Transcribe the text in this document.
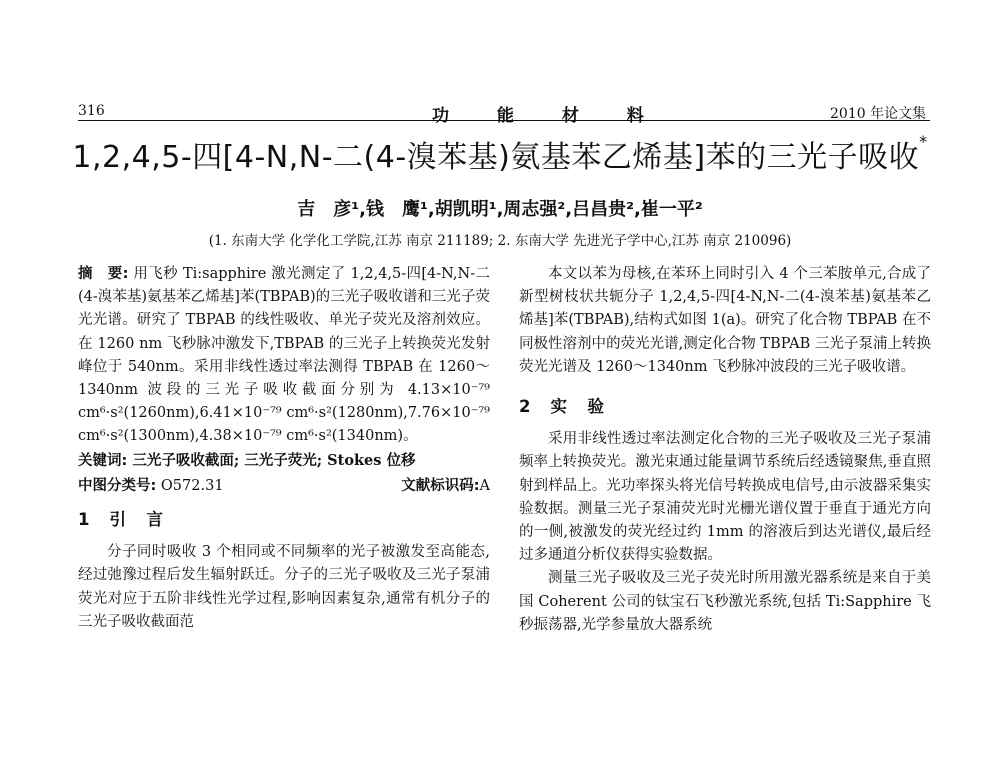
316	功	能	材	料	2010 年论文集
1,2,4,5-四[4-N,N-二(4-溴苯基)氨基苯乙烯基]苯的三光子吸收*
吉　彦¹,钱　鹰¹,胡凯明¹,周志强²,吕昌贵²,崔一平²
(1. 东南大学 化学化工学院,江苏 南京 211189; 2. 东南大学 先进光子学中心,江苏 南京 210096)

摘　要: 用飞秒 Ti:sapphire 激光测定了 1,2,4,5-四[4-N,N-二(4-溴苯基)氨基苯乙烯基]苯(TBPAB)的三光子吸收谱和三光子荧光光谱。研究了 TBPAB 的线性吸收、单光子荧光及溶剂效应。在 1260 nm 飞秒脉冲激发下,TBPAB 的三光子上转换荧光发射峰位于 540nm。采用非线性透过率法测得 TBPAB 在 1260～1340nm 波段的三光子吸收截面分别为 4.13×10⁻⁷⁹ cm⁶·s²(1260nm),6.41×10⁻⁷⁹ cm⁶·s²(1280nm),7.76×10⁻⁷⁹ cm⁶·s²(1300nm),4.38×10⁻⁷⁹ cm⁶·s²(1340nm)。

关键词: 三光子吸收截面; 三光子荧光; Stokes 位移

中图分类号: O572.31	文献标识码:A
1 引　言

分子同时吸收 3 个相同或不同频率的光子被激发至高能态,经过弛豫过程后发生辐射跃迁。分子的三光子吸收及三光子泵浦荧光对应于五阶非线性光学过程,影响因素复杂,通常有机分子的三光子吸收截面范

本文以苯为母核,在苯环上同时引入 4 个三苯胺单元,合成了新型树枝状共轭分子 1,2,4,5-四[4-N,N-二(4-溴苯基)氨基苯乙烯基]苯(TBPAB),结构式如图 1(a)。研究了化合物 TBPAB 在不同极性溶剂中的荧光光谱,测定化合物 TBPAB 三光子泵浦上转换荧光光谱及 1260～1340nm 飞秒脉冲波段的三光子吸收谱。

2 实　验

采用非线性透过率法测定化合物的三光子吸收及三光子泵浦频率上转换荧光。激光束通过能量调节系统后经透镜聚焦,垂直照射到样品上。光功率探头将光信号转换成电信号,由示波器采集实验数据。测量三光子泵浦荧光时光栅光谱仪置于垂直于通光方向的一侧,被激发的荧光经过约 1mm 的溶液后到达光谱仪,最后经过多通道分析仪获得实验数据。

测量三光子吸收及三光子荧光时所用激光器系统是来自于美国 Coherent 公司的钛宝石飞秒激光系统,包括 Ti:Sapphire 飞秒振荡器,光学参量放大器系统
